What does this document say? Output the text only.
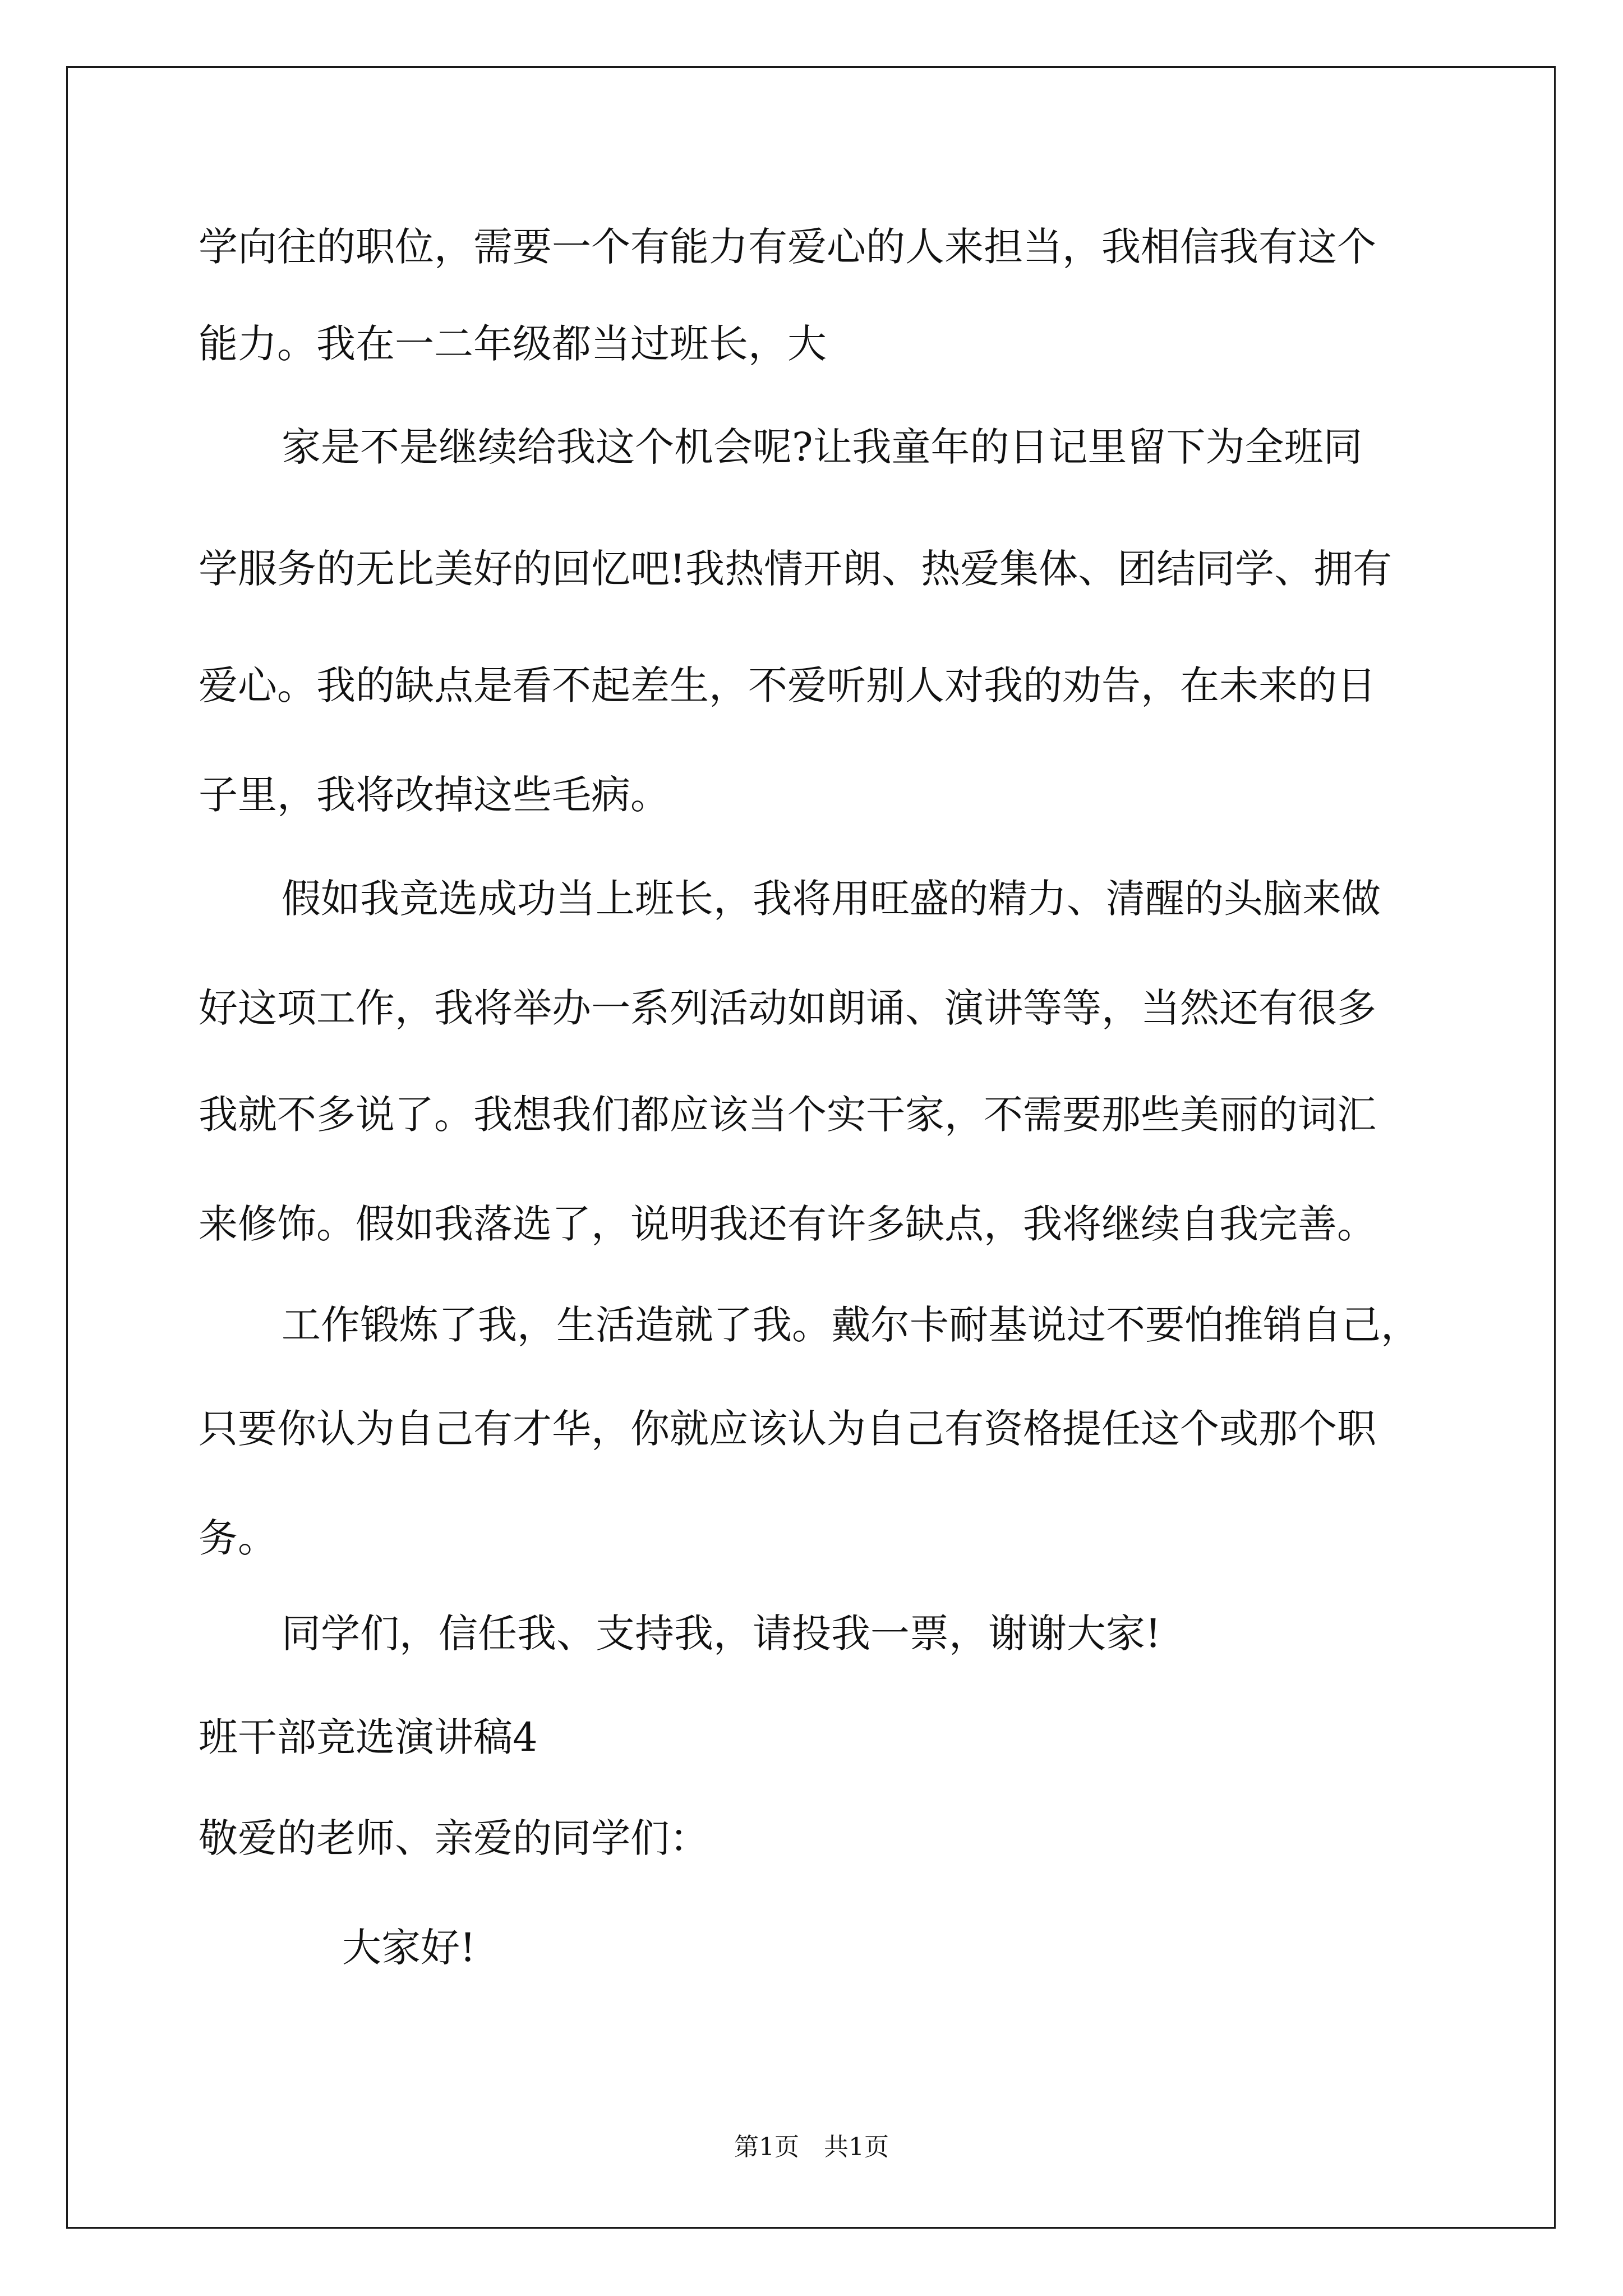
学向往的职位，需要一个有能力有爱心的人来担当，我相信我有这个

能力。我在一二年级都当过班长，大

家是不是继续给我这个机会呢?让我童年的日记里留下为全班同

学服务的无比美好的回忆吧!我热情开朗、热爱集体、团结同学、拥有

爱心。我的缺点是看不起差生，不爱听别人对我的劝告，在未来的日

子里，我将改掉这些毛病。

假如我竞选成功当上班长，我将用旺盛的精力、清醒的头脑来做

好这项工作，我将举办一系列活动如朗诵、演讲等等，当然还有很多

我就不多说了。我想我们都应该当个实干家，不需要那些美丽的词汇

来修饰。假如我落选了，说明我还有许多缺点，我将继续自我完善。

工作锻炼了我，生活造就了我。戴尔卡耐基说过不要怕推销自己，

只要你认为自己有才华，你就应该认为自己有资格提任这个或那个职

务。

同学们，信任我、支持我，请投我一票，谢谢大家!

班干部竞选演讲稿4

敬爱的老师、亲爱的同学们：

大家好!

第1页　共1页
